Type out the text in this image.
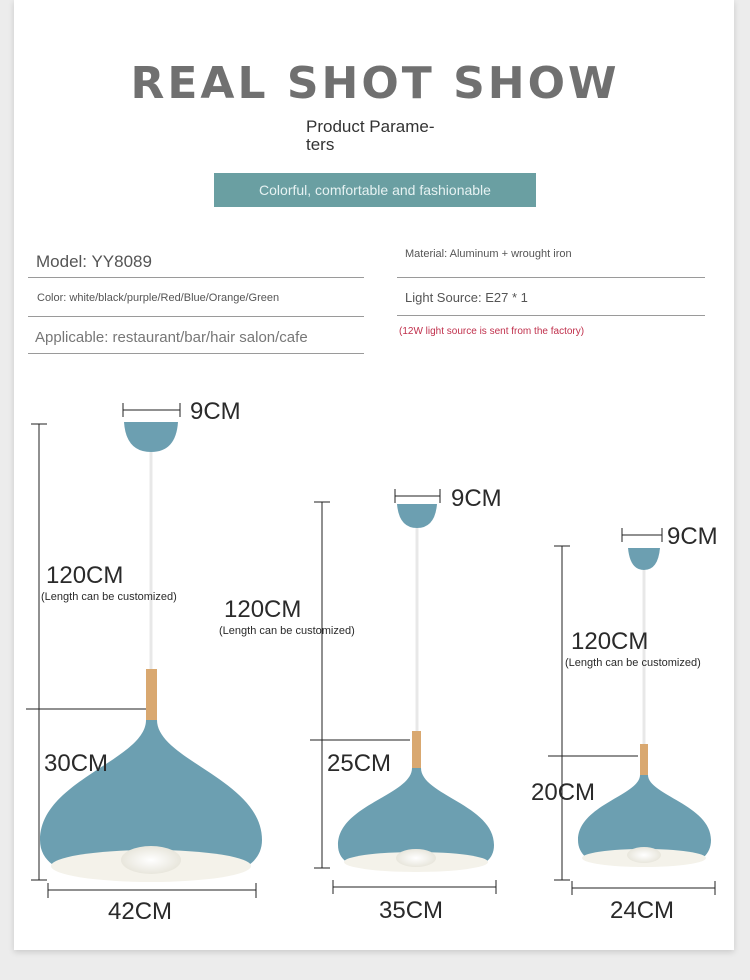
REAL SHOT SHOW
Product Parame-
ters
Colorful, comfortable and fashionable
Model: YY8089	Material: Aluminum + wrought iron
Color: white/black/purple/Red/Blue/Orange/Green	Light Source: E27 * 1
Applicable: restaurant/bar/hair salon/cafe	(12W light source is sent from the factory)
9CM
120CM
(Length can be customized)
30CM
42CM
9CM
120CM
(Length can be customized)
25CM
35CM
9CM
120CM
(Length can be customized)
20CM
24CM
